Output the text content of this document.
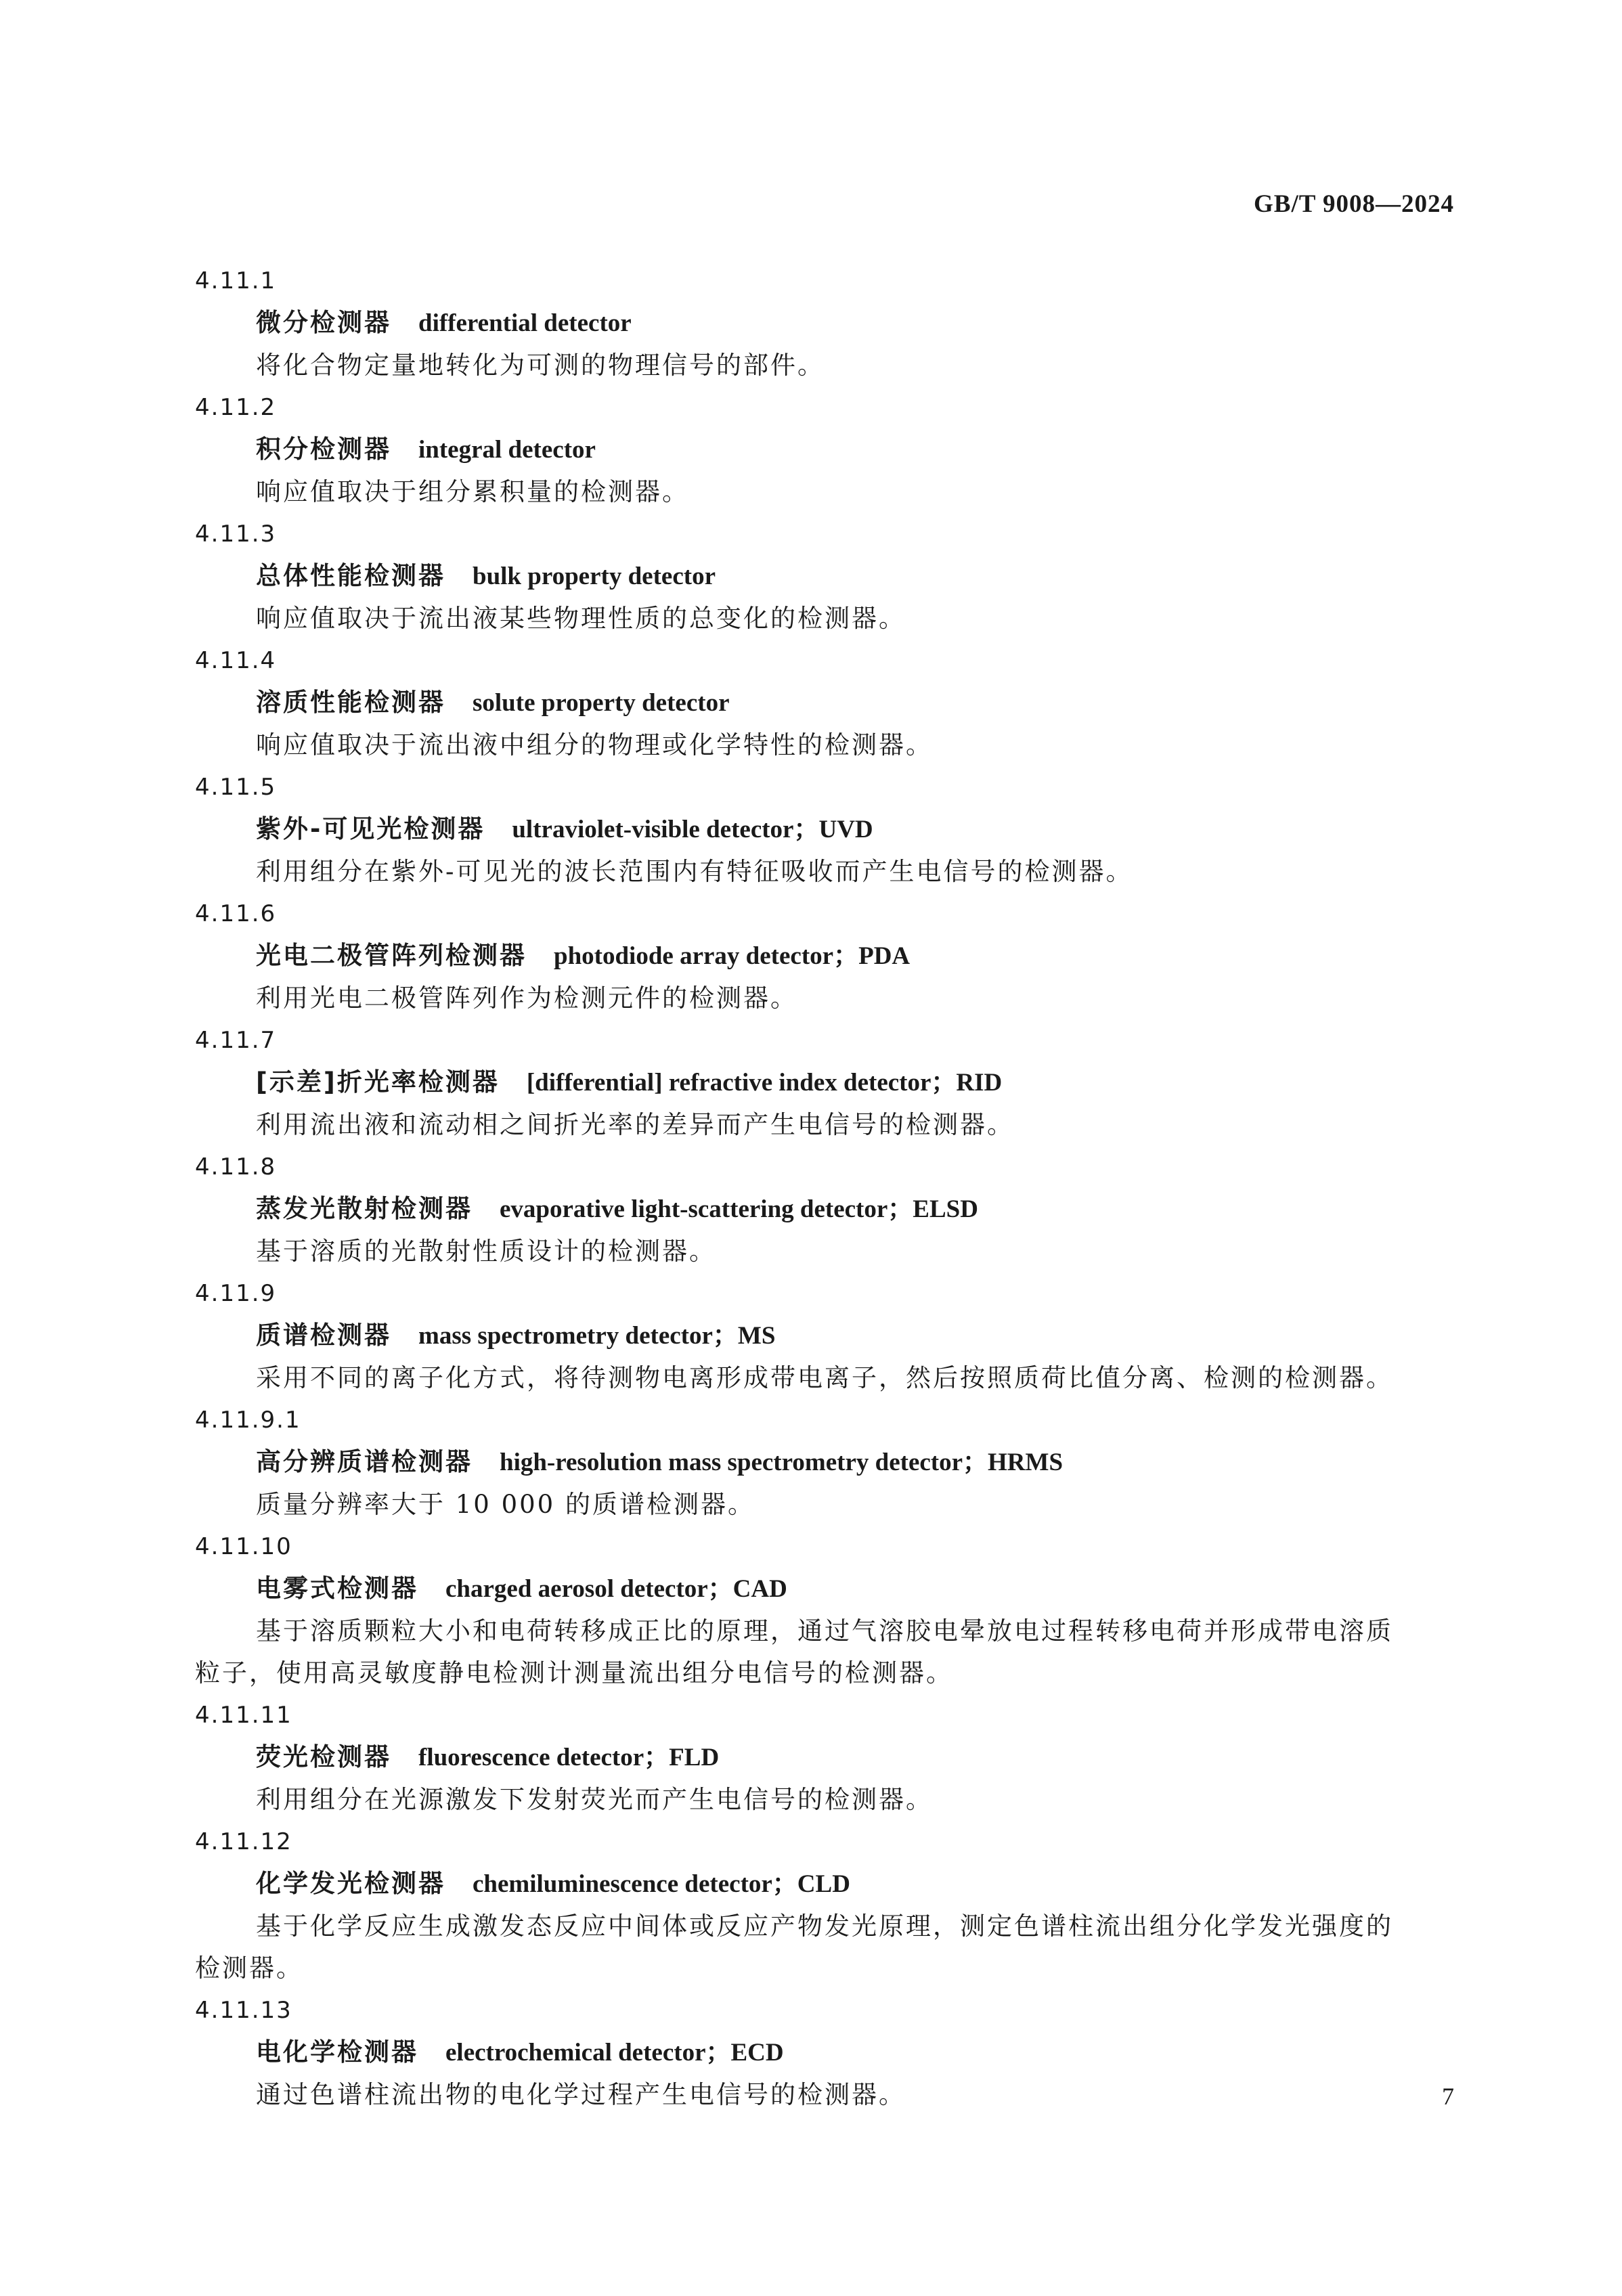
GB/T 9008—2024
4.11.1
微分检测器 differential detector
将化合物定量地转化为可测的物理信号的部件。
4.11.2
积分检测器 integral detector
响应值取决于组分累积量的检测器。
4.11.3
总体性能检测器 bulk property detector
响应值取决于流出液某些物理性质的总变化的检测器。
4.11.4
溶质性能检测器 solute property detector
响应值取决于流出液中组分的物理或化学特性的检测器。
4.11.5
紫外-可见光检测器 ultraviolet-visible detector；UVD
利用组分在紫外-可见光的波长范围内有特征吸收而产生电信号的检测器。
4.11.6
光电二极管阵列检测器 photodiode array detector；PDA
利用光电二极管阵列作为检测元件的检测器。
4.11.7
[示差]折光率检测器 [differential] refractive index detector；RID
利用流出液和流动相之间折光率的差异而产生电信号的检测器。
4.11.8
蒸发光散射检测器 evaporative light-scattering detector；ELSD
基于溶质的光散射性质设计的检测器。
4.11.9
质谱检测器 mass spectrometry detector；MS
采用不同的离子化方式，将待测物电离形成带电离子，然后按照质荷比值分离、检测的检测器。
4.11.9.1
高分辨质谱检测器 high-resolution mass spectrometry detector；HRMS
质量分辨率大于 10 000 的质谱检测器。
4.11.10
电雾式检测器 charged aerosol detector；CAD
基于溶质颗粒大小和电荷转移成正比的原理，通过气溶胶电晕放电过程转移电荷并形成带电溶质
粒子，使用高灵敏度静电检测计测量流出组分电信号的检测器。
4.11.11
荧光检测器 fluorescence detector；FLD
利用组分在光源激发下发射荧光而产生电信号的检测器。
4.11.12
化学发光检测器 chemiluminescence detector；CLD
基于化学反应生成激发态反应中间体或反应产物发光原理，测定色谱柱流出组分化学发光强度的
检测器。
4.11.13
电化学检测器 electrochemical detector；ECD
通过色谱柱流出物的电化学过程产生电信号的检测器。	7
